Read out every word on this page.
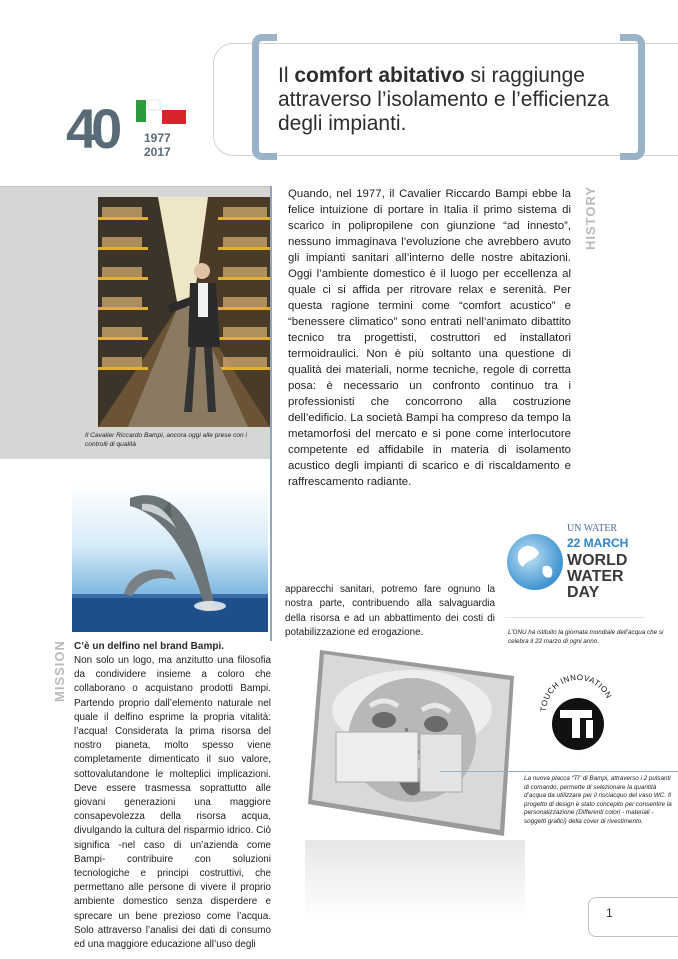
Il comfort abitativo si raggiunge attraverso l’isolamento e l’efficienza degli impianti.
40	1977
2017
Il Cavalier Riccardo Bampi, ancora oggi alle prese con i controlli di qualità
HISTORY
Quando, nel 1977, il Cavalier Riccardo Bampi ebbe la felice intuizione di portare in Italia il primo sistema di scarico in polipropilene con giunzione “ad innesto”, nessuno immaginava l’evoluzione che avrebbero avuto gli impianti sanitari all’interno delle nostre abitazioni. Oggi l’ambiente domestico è il luogo per eccellenza al quale ci si affida per ritrovare relax e serenità. Per questa ragione termini come “comfort acustico” e “benessere climatico” sono entrati nell’animato dibattito tecnico tra progettisti, costruttori ed installatori termoidraulici. Non è più soltanto una questione di qualità dei materiali, norme tecniche, regole di corretta posa: è necessario un confronto continuo tra i professionisti che concorrono alla costruzione dell’edificio. La società Bampi ha compreso da tempo la metamorfosi del mercato e si pone come interlocutore competente ed affidabile in materia di isolamento acustico degli impianti di scarico e di riscaldamento e raffrescamento radiante.
MISSION C’è un delfino nel brand Bampi.
Non solo un logo, ma anzitutto una filosofia da condividere insieme a coloro che collaborano o acquistano prodotti Bampi. Partendo proprio dall’elemento naturale nel quale il delfino esprime la propria vitalità: l’acqua! Considerata la prima risorsa del nostro pianeta, molto spesso viene completamente dimenticato il suo valore, sottovalutandone le molteplici implicazioni. Deve essere trasmessa soprattutto alle giovani generazioni una maggiore consapevolezza della risorsa acqua, divulgando la cultura del risparmio idrico. Ciò significa -nel caso di un’azienda come Bampi- contribuire con soluzioni tecnologiche e principi costruttivi, che permettano alle persone di vivere il proprio ambiente domestico senza disperdere e sprecare un bene prezioso come l’acqua. Solo attraverso l’analisi dei dati di consumo ed una maggiore educazione all’uso degli
apparecchi sanitari, potremo fare ognuno la nostra parte, contribuendo alla salvaguardia della risorsa e ad un abbattimento dei costi di potabilizzazione ed erogazione.
UN WATER
22 MARCH
WORLD
WATER
DAY
L’ONU ha istituito la giornata mondiale dell’acqua che si celebra il 22 marzo di ogni anno.
TOUCH INNOVATION
Ti
La nuova placca “Ti” di Bampi, attraverso i 2 pulsanti di comando, permette di selezionare la quantità d’acqua da utilizzare per il risciacquo del vaso WC. Il progetto di design è stato concepito per consentire la personalizzazione (Differenti colori - materiali - soggetti grafici) della cover di rivestimento.
1
